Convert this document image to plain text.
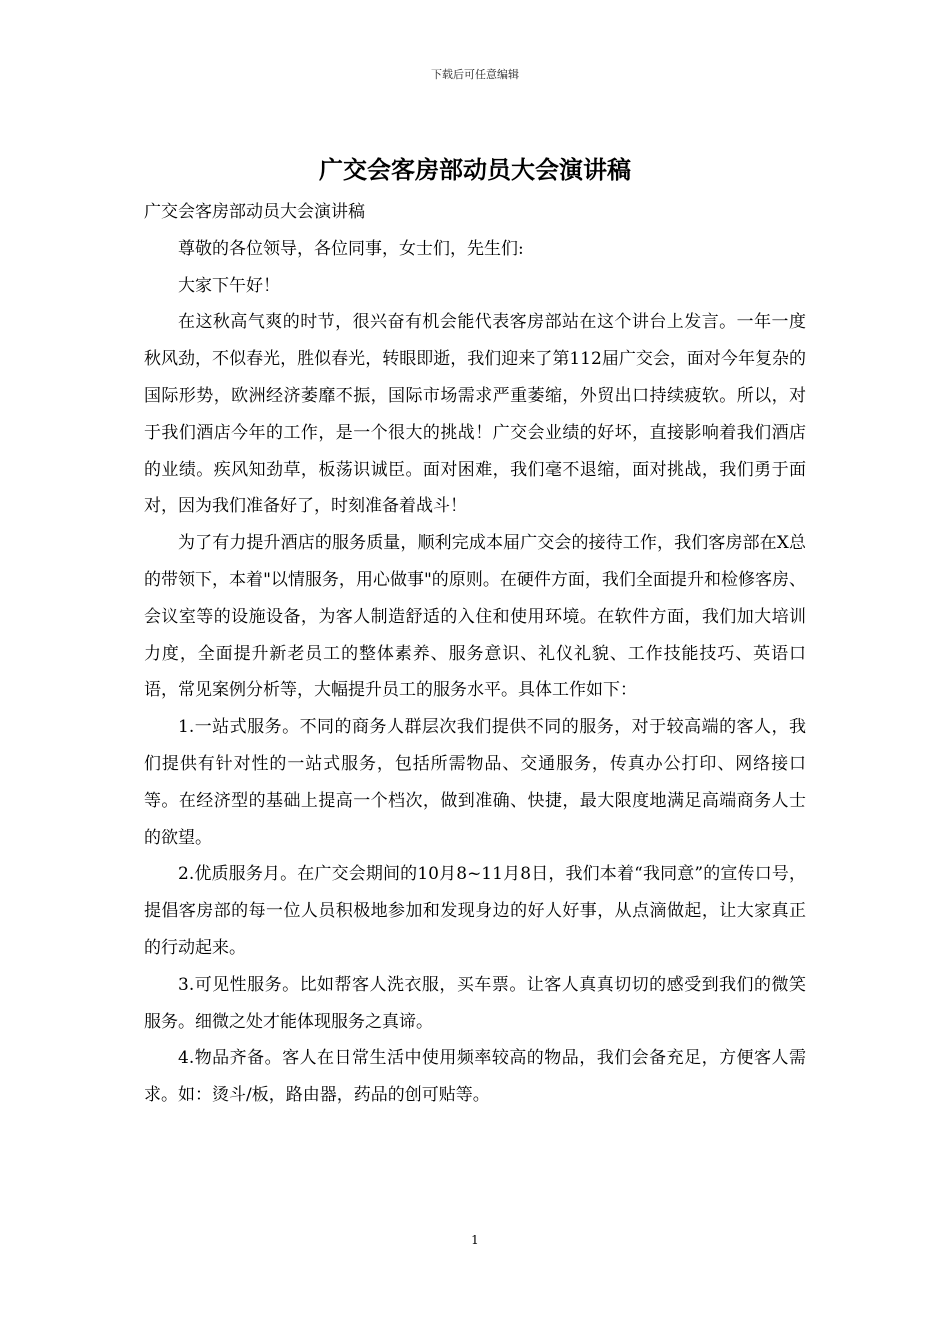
下载后可任意编辑
广交会客房部动员大会演讲稿

广交会客房部动员大会演讲稿

尊敬的各位领导，各位同事，女士们，先生们:

大家下午好！

在这秋高气爽的时节，很兴奋有机会能代表客房部站在这个讲台上发言。一年一度秋风劲，不似春光，胜似春光，转眼即逝，我们迎来了第112届广交会，面对今年复杂的国际形势，欧洲经济萎靡不振，国际市场需求严重萎缩，外贸出口持续疲软。所以，对于我们酒店今年的工作，是一个很大的挑战！广交会业绩的好坏，直接影响着我们酒店的业绩。疾风知劲草，板荡识诚臣。面对困难，我们毫不退缩，面对挑战，我们勇于面对，因为我们准备好了，时刻准备着战斗！

为了有力提升酒店的服务质量，顺利完成本届广交会的接待工作，我们客房部在X总的带领下，本着"以情服务，用心做事"的原则。在硬件方面，我们全面提升和检修客房、会议室等的设施设备，为客人制造舒适的入住和使用环境。在软件方面，我们加大培训力度，全面提升新老员工的整体素养、服务意识、礼仪礼貌、工作技能技巧、英语口语，常见案例分析等，大幅提升员工的服务水平。具体工作如下：

1.一站式服务。不同的商务人群层次我们提供不同的服务，对于较高端的客人，我们提供有针对性的一站式服务，包括所需物品、交通服务，传真办公打印、网络接口等。在经济型的基础上提高一个档次，做到准确、快捷，最大限度地满足高端商务人士的欲望。

2.优质服务月。在广交会期间的10月8~11月8日，我们本着“我同意”的宣传口号，提倡客房部的每一位人员积极地参加和发现身边的好人好事，从点滴做起，让大家真正的行动起来。

3.可见性服务。比如帮客人洗衣服，买车票。让客人真真切切的感受到我们的微笑服务。细微之处才能体现服务之真谛。

4.物品齐备。客人在日常生活中使用频率较高的物品，我们会备充足，方便客人需求。如：烫斗/板，路由器，药品的创可贴等。

1
